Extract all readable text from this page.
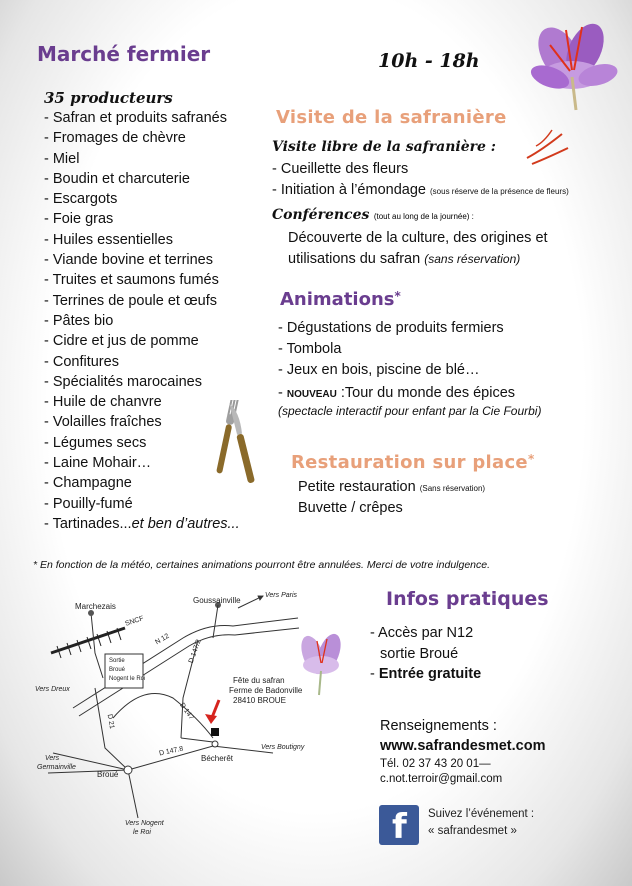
Marché fermier	10h - 18h
35 producteurs
- Safran et produits safranés
- Fromages de chèvre
- Miel
- Boudin et charcuterie
- Escargots
- Foie gras
- Huiles essentielles
- Viande bovine et terrines
- Truites et saumons fumés
- Terrines de poule et œufs
- Pâtes bio
- Cidre et jus de pomme
- Confitures
- Spécialités marocaines
- Huile de chanvre
- Volailles fraîches
- Légumes secs
- Laine Mohair…
- Champagne
- Pouilly-fumé
- Tartinades...et ben d’autres...
Visite de la safranière
Visite libre de la safranière :
- Cueillette des fleurs
- Initiation à l’émondage (sous réserve de la présence de fleurs)
Conférences (tout au long de la journée) :
Découverte de la culture, des origines et
utilisations du safran (sans réservation)
Animations*
- Dégustations de produits fermiers
- Tombola
- Jeux en bois, piscine de blé…
- NOUVEAU :Tour du monde des épices
(spectacle interactif pour enfant par la Cie Fourbi)
Restauration sur place*
Petite restauration (Sans réservation)
Buvette / crêpes
* En fonction de la météo, certaines animations pourront être annulées. Merci de votre indulgence.
Marchezais
Goussainville
Vers Paris
SNCF
N 12 D 147/2
Sortie
Broué
Nogent le Roi
Vers Dreux
D 21
D 147
Fête du safran
Ferme de Badonville
28410 BROUE
D 147.8	Vers Boutigny
Vers
Germainville
Broué
Bécherêt
Vers Nogent
le Roi
Infos pratiques
- Accès par N12
sortie Broué
- Entrée gratuite
Renseignements :
www.safrandesmet.com
Tél. 02 37 43 20 01—
c.not.terroir@gmail.com
f Suivez l’événement :
« safrandesmet »
